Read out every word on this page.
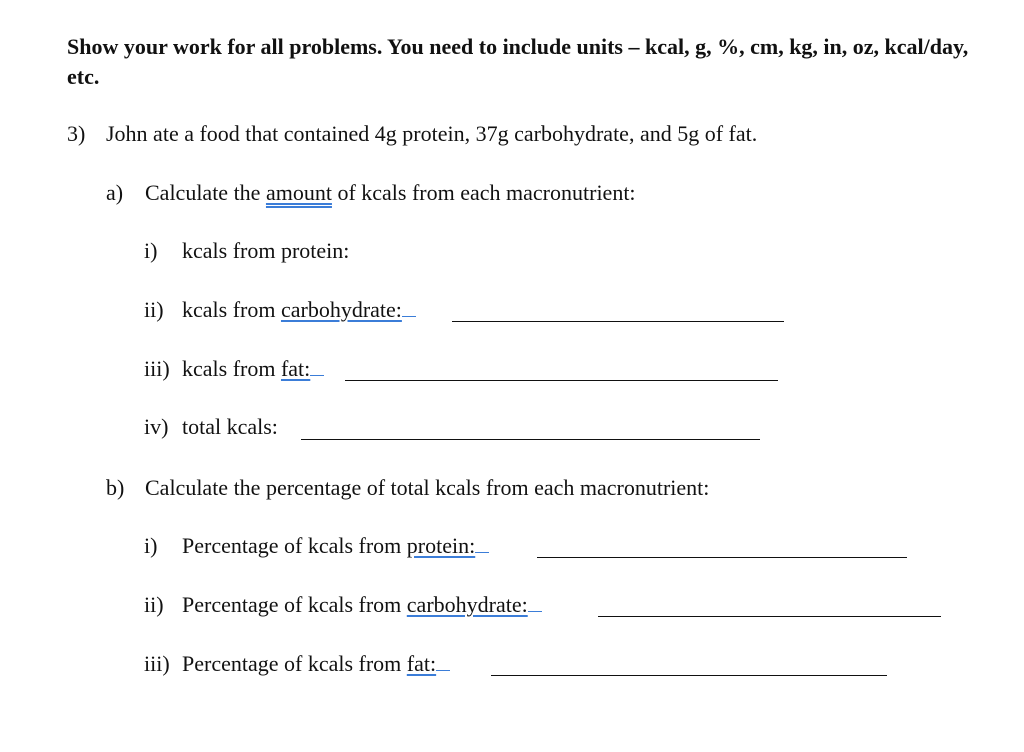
Show your work for all problems. You need to include units – kcal, g, %, cm, kg, in, oz, kcal/day, etc.
3) John ate a food that contained 4g protein, 37g carbohydrate, and 5g of fat.
a) Calculate the amount of kcals from each macronutrient:
i) kcals from protein:
ii) kcals from carbohydrate:
iii) kcals from fat:
iv) total kcals:
b) Calculate the percentage of total kcals from each macronutrient:
i) Percentage of kcals from protein:
ii) Percentage of kcals from carbohydrate:
iii) Percentage of kcals from fat:
